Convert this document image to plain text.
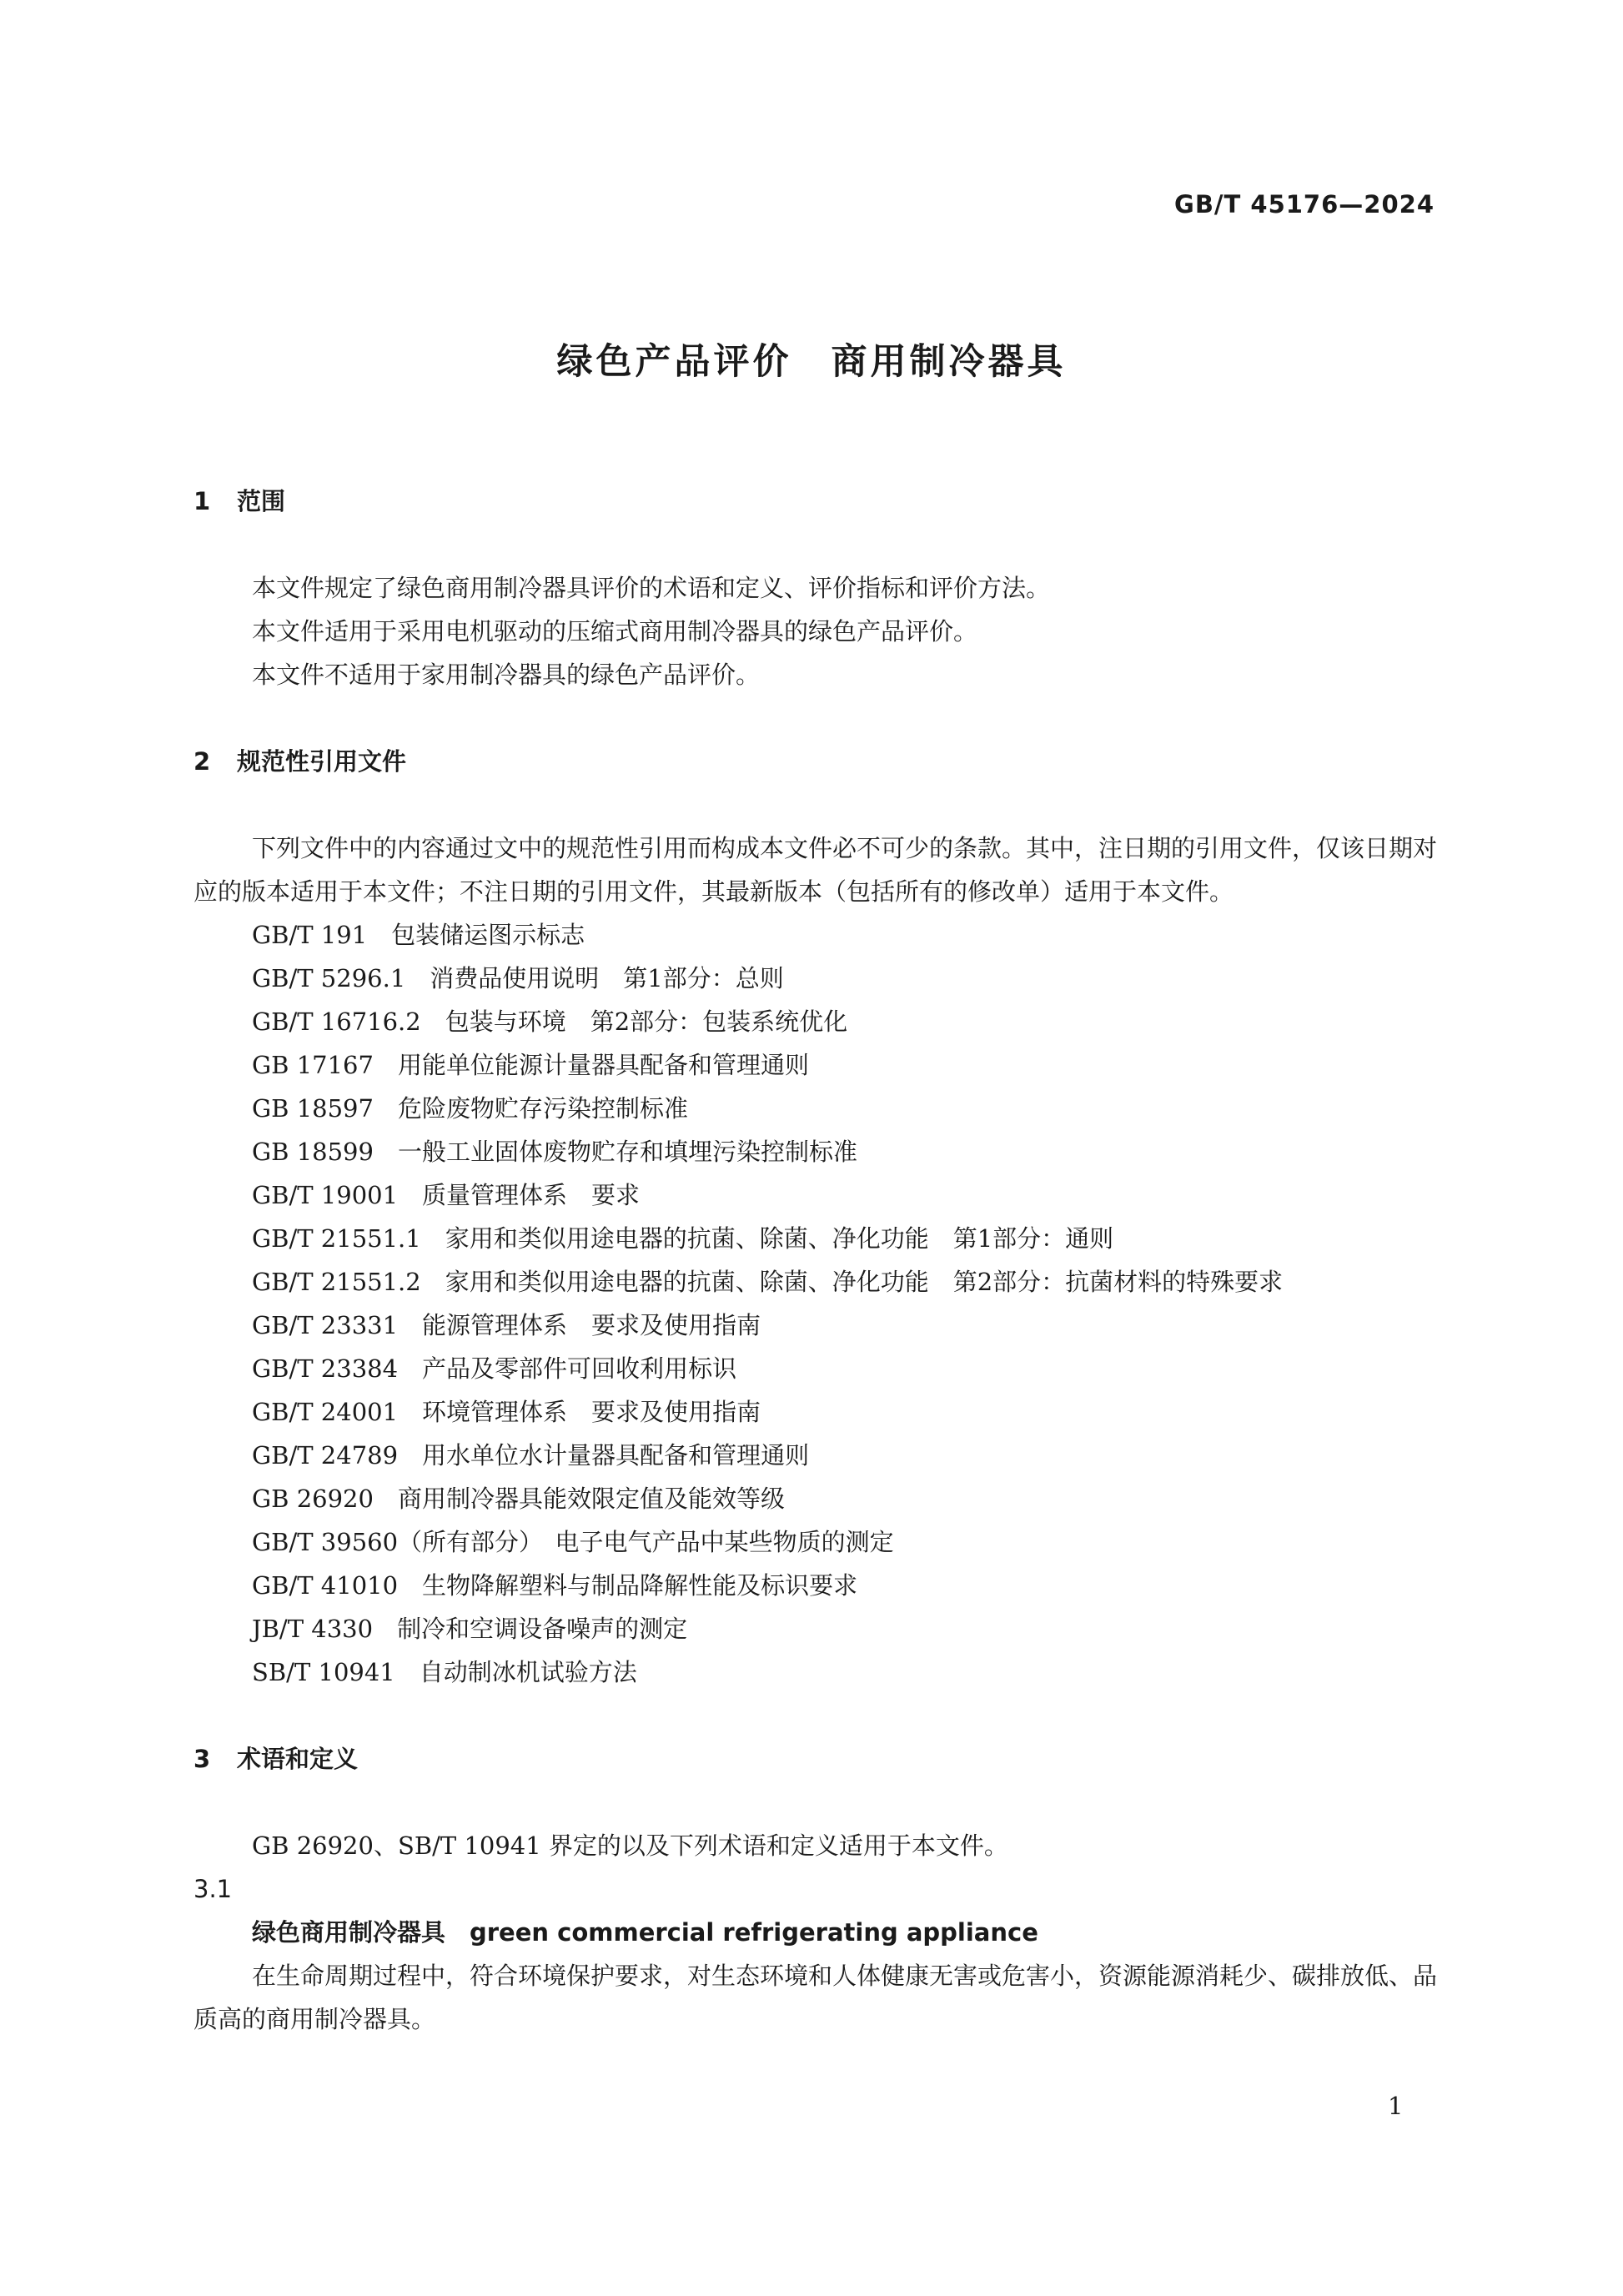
GB/T 45176—2024
绿色产品评价　商用制冷器具
1 范围

本文件规定了绿色商用制冷器具评价的术语和定义、评价指标和评价方法。

本文件适用于采用电机驱动的压缩式商用制冷器具的绿色产品评价。

本文件不适用于家用制冷器具的绿色产品评价。

2 规范性引用文件

下列文件中的内容通过文中的规范性引用而构成本文件必不可少的条款。其中，注日期的引用文件，仅该日期对应的版本适用于本文件；不注日期的引用文件，其最新版本（包括所有的修改单）适用于本文件。

GB/T 191　包装储运图示标志
GB/T 5296.1　消费品使用说明　第1部分：总则
GB/T 16716.2　包装与环境　第2部分：包装系统优化
GB 17167　用能单位能源计量器具配备和管理通则
GB 18597　危险废物贮存污染控制标准
GB 18599　一般工业固体废物贮存和填埋污染控制标准
GB/T 19001　质量管理体系　要求
GB/T 21551.1　家用和类似用途电器的抗菌、除菌、净化功能　第1部分：通则
GB/T 21551.2　家用和类似用途电器的抗菌、除菌、净化功能　第2部分：抗菌材料的特殊要求
GB/T 23331　能源管理体系　要求及使用指南
GB/T 23384　产品及零部件可回收利用标识
GB/T 24001　环境管理体系　要求及使用指南
GB/T 24789　用水单位水计量器具配备和管理通则
GB 26920　商用制冷器具能效限定值及能效等级
GB/T 39560（所有部分）　电子电气产品中某些物质的测定
GB/T 41010　生物降解塑料与制品降解性能及标识要求
JB/T 4330　制冷和空调设备噪声的测定
SB/T 10941　自动制冰机试验方法
3 术语和定义

GB 26920、SB/T 10941 界定的以及下列术语和定义适用于本文件。

3.1
绿色商用制冷器具　green commercial refrigerating appliance

在生命周期过程中，符合环境保护要求，对生态环境和人体健康无害或危害小，资源能源消耗少、碳排放低、品质高的商用制冷器具。

1
